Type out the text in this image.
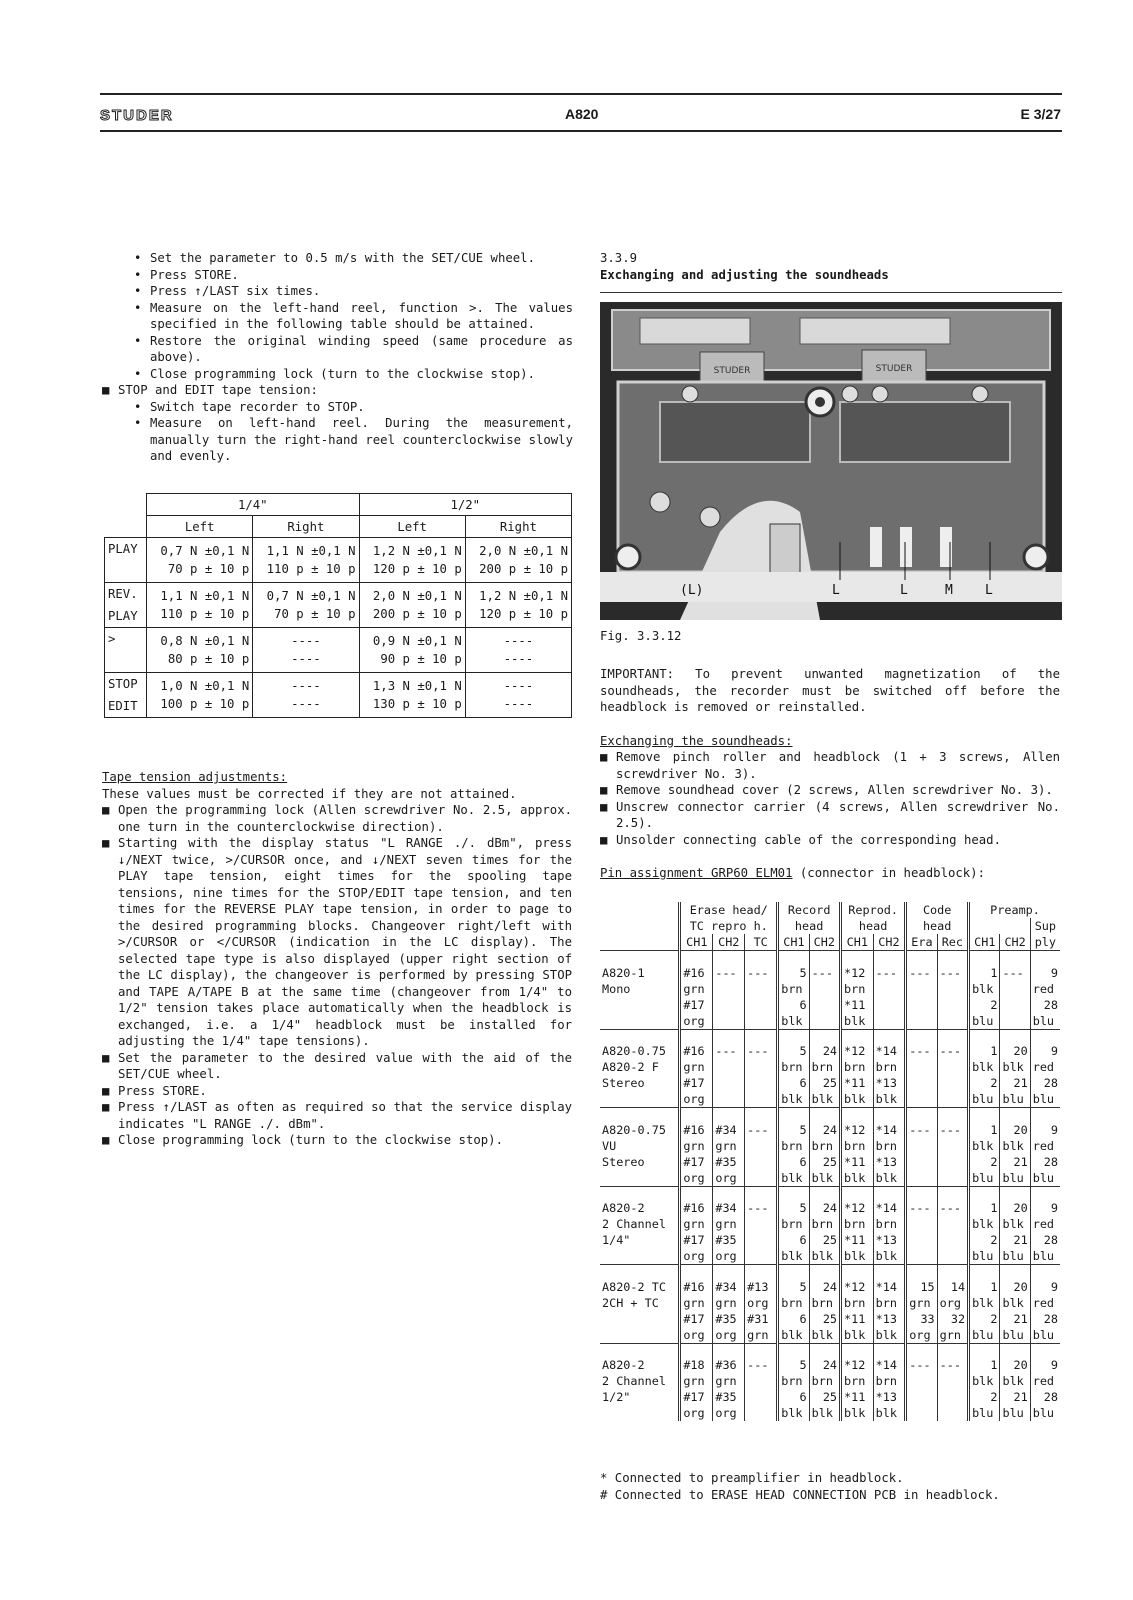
STUDER	A820	E 3/27
• Set the parameter to 0.5 m/s with the SET/CUE wheel.
• Press STORE.
• Press ↑/LAST six times.
• Measure on the left-hand reel, function >. The values specified in the following table should be attained.
• Restore the original winding speed (same procedure as above).
• Close programming lock (turn to the clockwise stop).
■ STOP and EDIT tape tension:
• Switch tape recorder to STOP.
• Measure on left-hand reel. During the measurement, manually turn the right-hand reel counterclockwise slowly and evenly.
	1/4"		1/2"	
	Left	Right	Left	Right
PLAY	0,7 N ±0,1 N	1,1 N ±0,1 N	1,2 N ±0,1 N	2,0 N ±0,1 N
	70 p ± 10 p	110 p ± 10 p	120 p ± 10 p	200 p ± 10 p
REV.	1,1 N ±0,1 N	0,7 N ±0,1 N	2,0 N ±0,1 N	1,2 N ±0,1 N
PLAY	110 p ± 10 p	70 p ± 10 p	200 p ± 10 p	120 p ± 10 p
>	0,8 N ±0,1 N	----	0,9 N ±0,1 N	----
	80 p ± 10 p	----	90 p ± 10 p	----
STOP	1,0 N ±0,1 N	----	1,3 N ±0,1 N	----
EDIT	100 p ± 10 p	----	130 p ± 10 p	----
Tape tension adjustments:
These values must be corrected if they are not attained.
■ Open the programming lock (Allen screwdriver No. 2.5, approx. one turn in the counterclockwise direction).
■ Starting with the display status "L RANGE ./. dBm", press ↓/NEXT twice, >/CURSOR once, and ↓/NEXT seven times for the PLAY tape tension, eight times for the spooling tape tensions, nine times for the STOP/EDIT tape tension, and ten times for the REVERSE PLAY tape tension, in order to page to the desired programming blocks. Changeover right/left with >/CURSOR or </CURSOR (indication in the LC display). The selected tape type is also displayed (upper right section of the LC display), the changeover is performed by pressing STOP and TAPE A/TAPE B at the same time (changeover from 1/4" to 1/2" tension takes place automatically when the headblock is exchanged, i.e. a 1/4" headblock must be installed for adjusting the 1/4" tape tensions).
■ Set the parameter to the desired value with the aid of the SET/CUE wheel.
■ Press STORE.
■ Press ↑/LAST as often as required so that the service display indicates "L RANGE ./. dBm".
■ Close programming lock (turn to the clockwise stop).
3.3.9
Exchanging and adjusting the soundheads
STUDER	STUDER
(L)	L	L	M L
Fig. 3.3.12
IMPORTANT: To prevent unwanted magnetization of the soundheads, the recorder must be switched off before the headblock is removed or reinstalled.
Exchanging the soundheads:
■ Remove pinch roller and headblock (1 + 3 screws, Allen screwdriver No. 3).
■ Remove soundhead cover (2 screws, Allen screwdriver No. 3).
■ Unscrew connector carrier (4 screws, Allen screwdriver No. 2.5).
■ Unsolder connecting cable of the corresponding head.
Pin assignment GRP60 ELM01 (connector in headblock):
	Erase head/			Record		Reprod.		Code		Preamp.		
	TC repro h.			head		head		head				Sup
	CH1	CH2	TC	CH1	CH2	CH1	CH2	Era	Rec	CH1	CH2	ply

A820-1	#16	---	---	5	---	*12	---	---	---	1	---	9
Mono	grn			brn		brn				blk		red
	#17			6		*11				2		28
	org			blk		blk				blu		blu

A820-0.75	#16	---	---	5	24	*12	*14	---	---	1	20	9
A820-2 F	grn			brn	brn	brn	brn			blk	blk	red
Stereo	#17			6	25	*11	*13			2	21	28
	org			blk	blk	blk	blk			blu	blu	blu

A820-0.75	#16	#34	---	5	24	*12	*14	---	---	1	20	9
VU	grn	grn		brn	brn	brn	brn			blk	blk	red
Stereo	#17	#35		6	25	*11	*13			2	21	28
	org	org		blk	blk	blk	blk			blu	blu	blu

A820-2	#16	#34	---	5	24	*12	*14	---	---	1	20	9
2 Channel	grn	grn		brn	brn	brn	brn			blk	blk	red
1/4"	#17	#35		6	25	*11	*13			2	21	28
	org	org		blk	blk	blk	blk			blu	blu	blu

A820-2 TC	#16	#34	#13	5	24	*12	*14	15	14	1	20	9
2CH + TC	grn	grn	org	brn	brn	brn	brn	grn	org	blk	blk	red
	#17	#35	#31	6	25	*11	*13	33	32	2	21	28
	org	org	grn	blk	blk	blk	blk	org	grn	blu	blu	blu

A820-2	#18	#36	---	5	24	*12	*14	---	---	1	20	9
2 Channel	grn	grn		brn	brn	brn	brn			blk	blk	red
1/2"	#17	#35		6	25	*11	*13			2	21	28
	org	org		blk	blk	blk	blk			blu	blu	blu
* Connected to preamplifier in headblock.
# Connected to ERASE HEAD CONNECTION PCB in headblock.
